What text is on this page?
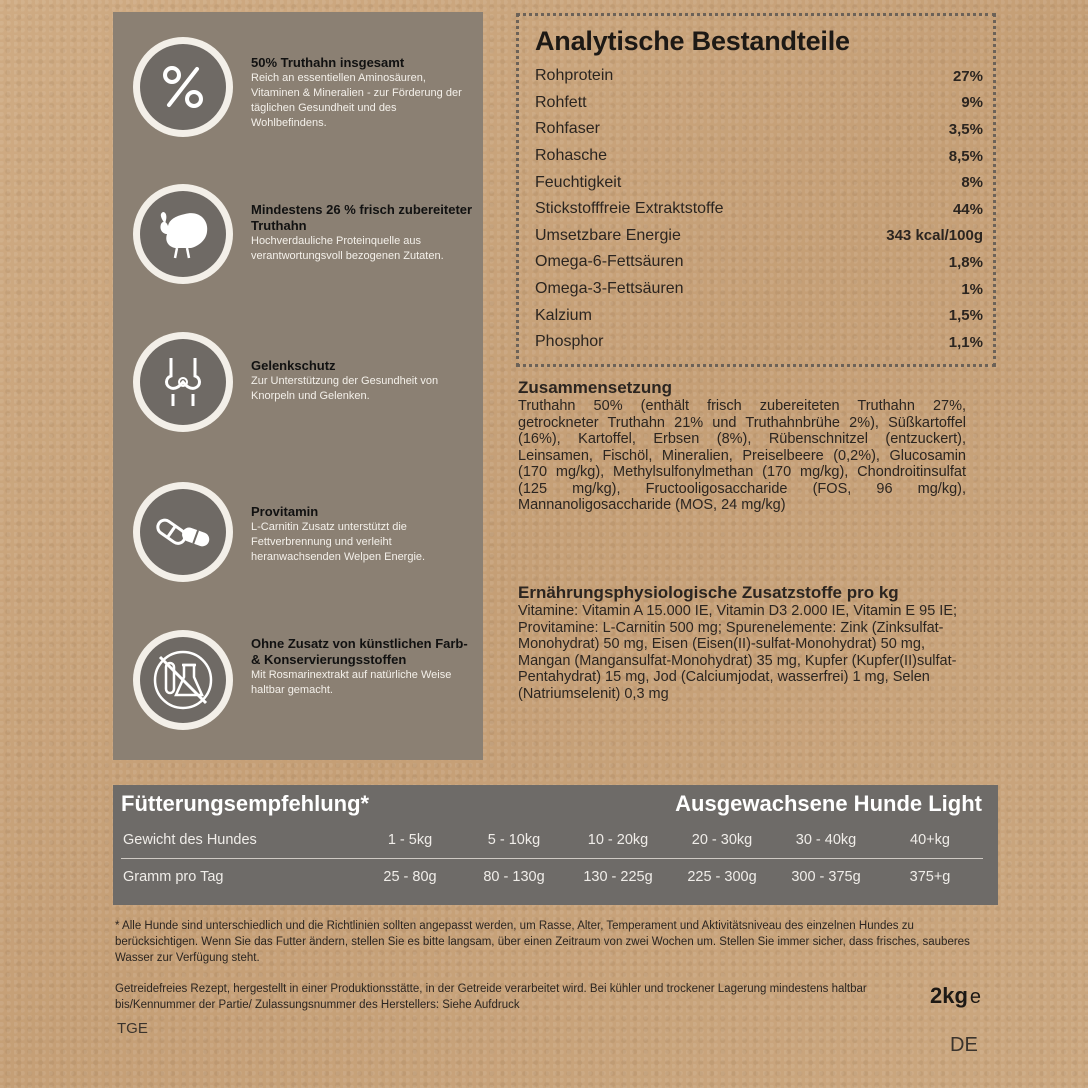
50% Truthahn insgesamt
Reich an essentiellen Aminosäuren, Vitaminen & Mineralien - zur Förderung der täglichen Gesundheit und des Wohlbefindens.
Mindestens 26 % frisch zubereiteter Truthahn
Hochverdauliche Proteinquelle aus verantwortungsvoll bezogenen Zutaten.
Gelenkschutz
Zur Unterstützung der Gesundheit von Knorpeln und Gelenken.
Provitamin
L-Carnitin Zusatz unterstützt die Fettverbrennung und verleiht heranwachsenden Welpen Energie.
Ohne Zusatz von künstlichen Farb-& Konservierungsstoffen
Mit Rosmarinextrakt auf natürliche Weise haltbar gemacht.
Analytische Bestandteile
Rohprotein	27%
Rohfett	9%
Rohfaser	3,5%
Rohasche	8,5%
Feuchtigkeit	8%
Stickstofffreie Extraktstoffe	44%
Umsetzbare Energie	343 kcal/100g
Omega-6-Fettsäuren	1,8%
Omega-3-Fettsäuren	1%
Kalzium	1,5%
Phosphor	1,1%
Zusammensetzung
Truthahn 50% (enthält frisch zubereiteten Truthahn 27%, getrockneter Truthahn 21% und Truthahnbrühe 2%), Süßkartoffel (16%), Kartoffel, Erbsen (8%), Rübenschnitzel (entzuckert), Leinsamen, Fischöl, Mineralien, Preiselbeere (0,2%), Glucosamin (170 mg/kg), Methylsulfonylmethan (170 mg/kg), Chondroitinsulfat (125 mg/kg), Fructooligosaccharide (FOS, 96 mg/kg), Mannanoligosaccharide (MOS, 24 mg/kg)
Ernährungsphysiologische Zusatzstoffe pro kg
Vitamine: Vitamin A 15.000 IE, Vitamin D3 2.000 IE, Vitamin E 95 IE; Provitamine: L-Carnitin 500 mg; Spurenelemente: Zink (Zinksulfat-Monohydrat) 50 mg, Eisen (Eisen(II)-sulfat-Monohydrat) 50 mg, Mangan (Mangansulfat-Monohydrat) 35 mg, Kupfer (Kupfer(II)sulfat-Pentahydrat) 15 mg, Jod (Calciumjodat, wasserfrei) 1 mg, Selen (Natriumselenit) 0,3 mg
Fütterungsempfehlung*	Ausgewachsene Hunde Light
Gewicht des Hundes	1 - 5kg	5 - 10kg	10 - 20kg	20 - 30kg	30 - 40kg	40+kg
Gramm pro Tag	25 - 80g	80 - 130g	130 - 225g	225 - 300g	300 - 375g	375+g
* Alle Hunde sind unterschiedlich und die Richtlinien sollten angepasst werden, um Rasse, Alter, Temperament und Aktivitätsniveau des einzelnen Hundes zu berücksichtigen. Wenn Sie das Futter ändern, stellen Sie es bitte langsam, über einen Zeitraum von zwei Wochen um. Stellen Sie immer sicher, dass frisches, sauberes Wasser zur Verfügung steht.
Getreidefreies Rezept, hergestellt in einer Produktionsstätte, in der Getreide verarbeitet wird. Bei kühler und trockener Lagerung mindestens haltbar bis/Kennummer der Partie/ Zulassungsnummer des Herstellers: Siehe Aufdruck	2kg e
TGE
DE
